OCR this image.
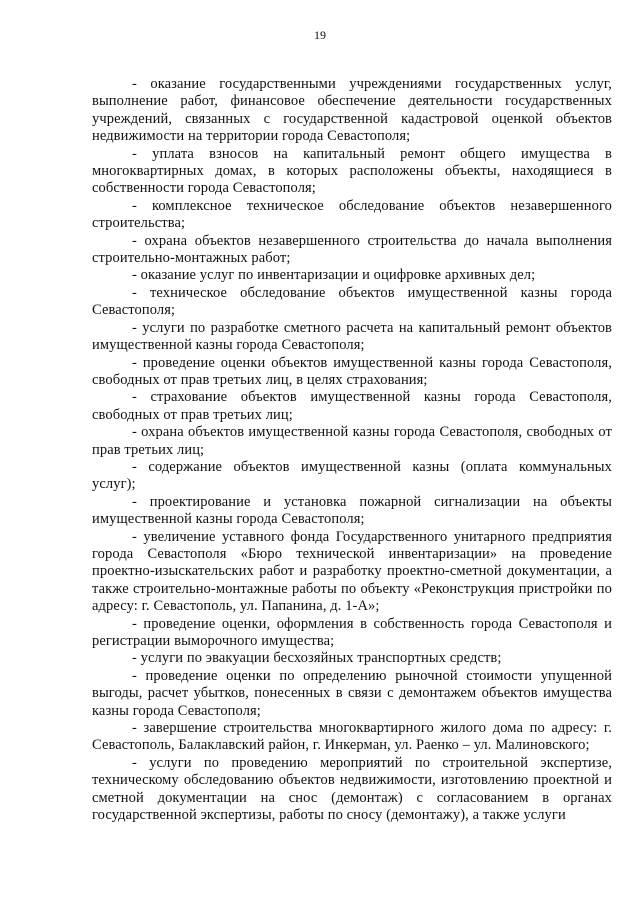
19

- оказание государственными учреждениями государственных услуг, выполнение работ, финансовое обеспечение деятельности государственных учреждений, связанных с государственной кадастровой оценкой объектов недвижимости на территории города Севастополя;

- уплата взносов на капитальный ремонт общего имущества в многоквартирных домах, в которых расположены объекты, находящиеся в собственности города Севастополя;

- комплексное техническое обследование объектов незавершенного строительства;

- охрана объектов незавершенного строительства до начала выполнения строительно-монтажных работ;

- оказание услуг по инвентаризации и оцифровке архивных дел;

- техническое обследование объектов имущественной казны города Севастополя;

- услуги по разработке сметного расчета на капитальный ремонт объектов имущественной казны города Севастополя;

- проведение оценки объектов имущественной казны города Севастополя, свободных от прав третьих лиц, в целях страхования;

- страхование объектов имущественной казны города Севастополя, свободных от прав третьих лиц;

- охрана объектов имущественной казны города Севастополя, свободных от прав третьих лиц;

- содержание объектов имущественной казны (оплата коммунальных услуг);

- проектирование и установка пожарной сигнализации на объекты имущественной казны города Севастополя;

- увеличение уставного фонда Государственного унитарного предприятия города Севастополя «Бюро технической инвентаризации» на проведение проектно-изыскательских работ и разработку проектно-сметной документации, а также строительно-монтажные работы по объекту «Реконструкция пристройки по адресу: г. Севастополь, ул. Папанина, д. 1-А»;

- проведение оценки, оформления в собственность города Севастополя и регистрации выморочного имущества;

- услуги по эвакуации бесхозяйных транспортных средств;

- проведение оценки по определению рыночной стоимости упущенной выгоды, расчет убытков, понесенных в связи с демонтажем объектов имущества казны города Севастополя;

- завершение строительства многоквартирного жилого дома по адресу: г. Севастополь, Балаклавский район, г. Инкерман, ул. Раенко – ул. Малиновского;

- услуги по проведению мероприятий по строительной экспертизе, техническому обследованию объектов недвижимости, изготовлению проектной и сметной документации на снос (демонтаж) с согласованием в органах государственной экспертизы, работы по сносу (демонтажу), а также услуги
